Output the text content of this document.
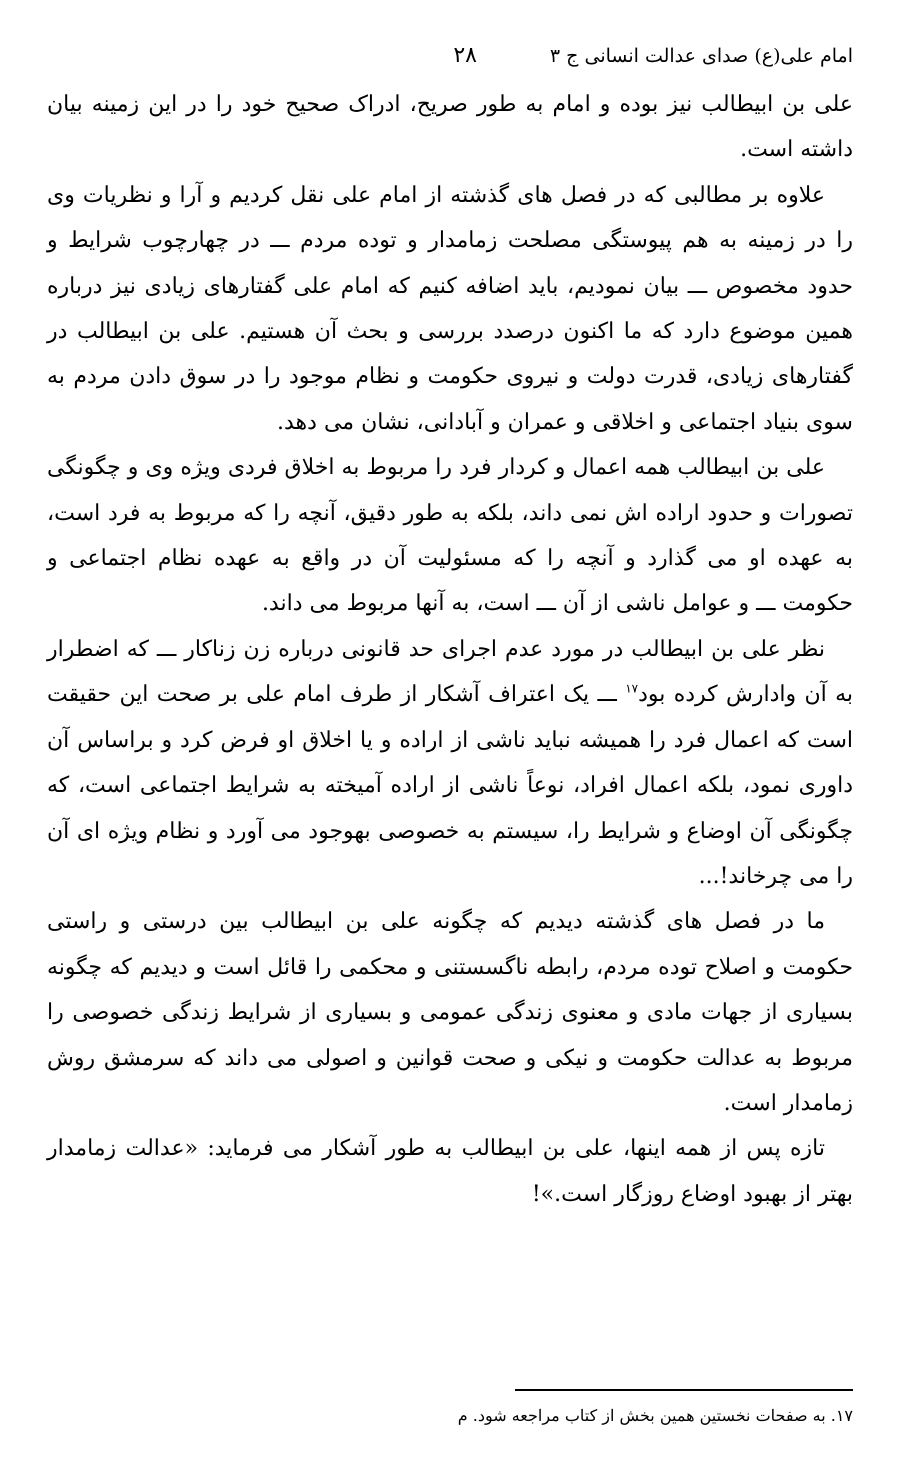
امام علی(ع) صدای عدالت انسانی ج ۳
۲۸

علی بن ابیطالب نیز بوده و امام به طور صریح، ادراک صحیح خود را در این زمینه بیان داشته است.

علاوه بر مطالبی که در فصل های گذشته از امام علی نقل کردیم و آرا و نظریات وی را در زمینه به هم پیوستگی مصلحت زمامدار و توده مردم ـــ در چهارچوب شرایط و حدود مخصوص ـــ بیان نمودیم، باید اضافه کنیم که امام علی گفتارهای زیادی نیز درباره همین موضوع دارد که ما اکنون درصدد بررسی و بحث آن هستیم. علی بن ابیطالب در گفتارهای زیادی، قدرت دولت و نیروی حکومت و نظام موجود را در سوق دادن مردم به سوی بنیاد اجتماعی و اخلاقی و عمران و آبادانی، نشان می دهد.

علی بن ابیطالب همه اعمال و کردار فرد را مربوط به اخلاق فردی ویژه وی و چگونگی تصورات و حدود اراده اش نمی داند، بلکه به طور دقیق، آنچه را که مربوط به فرد است، به عهده او می گذارد و آنچه را که مسئولیت آن در واقع به عهده نظام اجتماعی و حکومت ـــ و عوامل ناشی از آن ـــ است، به آنها مربوط می داند.

نظر علی بن ابیطالب در مورد عدم اجرای حد قانونی درباره زن زناکار ـــ که اضطرار به آن وادارش کرده بود$^{۱۷}$ ـــ یک اعتراف آشکار از طرف امام علی بر صحت این حقیقت است که اعمال فرد را همیشه نباید ناشی از اراده و یا اخلاق او فرض کرد و براساس آن داوری نمود، بلکه اعمال افراد، نوعاً ناشی از اراده آمیخته به شرایط اجتماعی است، که چگونگی آن اوضاع و شرایط را، سیستم به خصوصی بهوجود می آورد و نظام ویژه ای آن را می چرخاند!...

ما در فصل های گذشته دیدیم که چگونه علی بن ابیطالب بین درستی و راستی حکومت و اصلاح توده مردم، رابطه ناگسستنی و محکمی را قائل است و دیدیم که چگونه بسیاری از جهات مادی و معنوی زندگی عمومی و بسیاری از شرایط زندگی خصوصی را مربوط به عدالت حکومت و نیکی و صحت قوانین و اصولی می داند که سرمشق روش زمامدار است.

تازه پس از همه اینها، علی بن ابیطالب به طور آشکار می فرماید: «عدالت زمامدار بهتر از بهبود اوضاع روزگار است.»!

۱۷. به صفحات نخستین همین بخش از کتاب مراجعه شود. م
